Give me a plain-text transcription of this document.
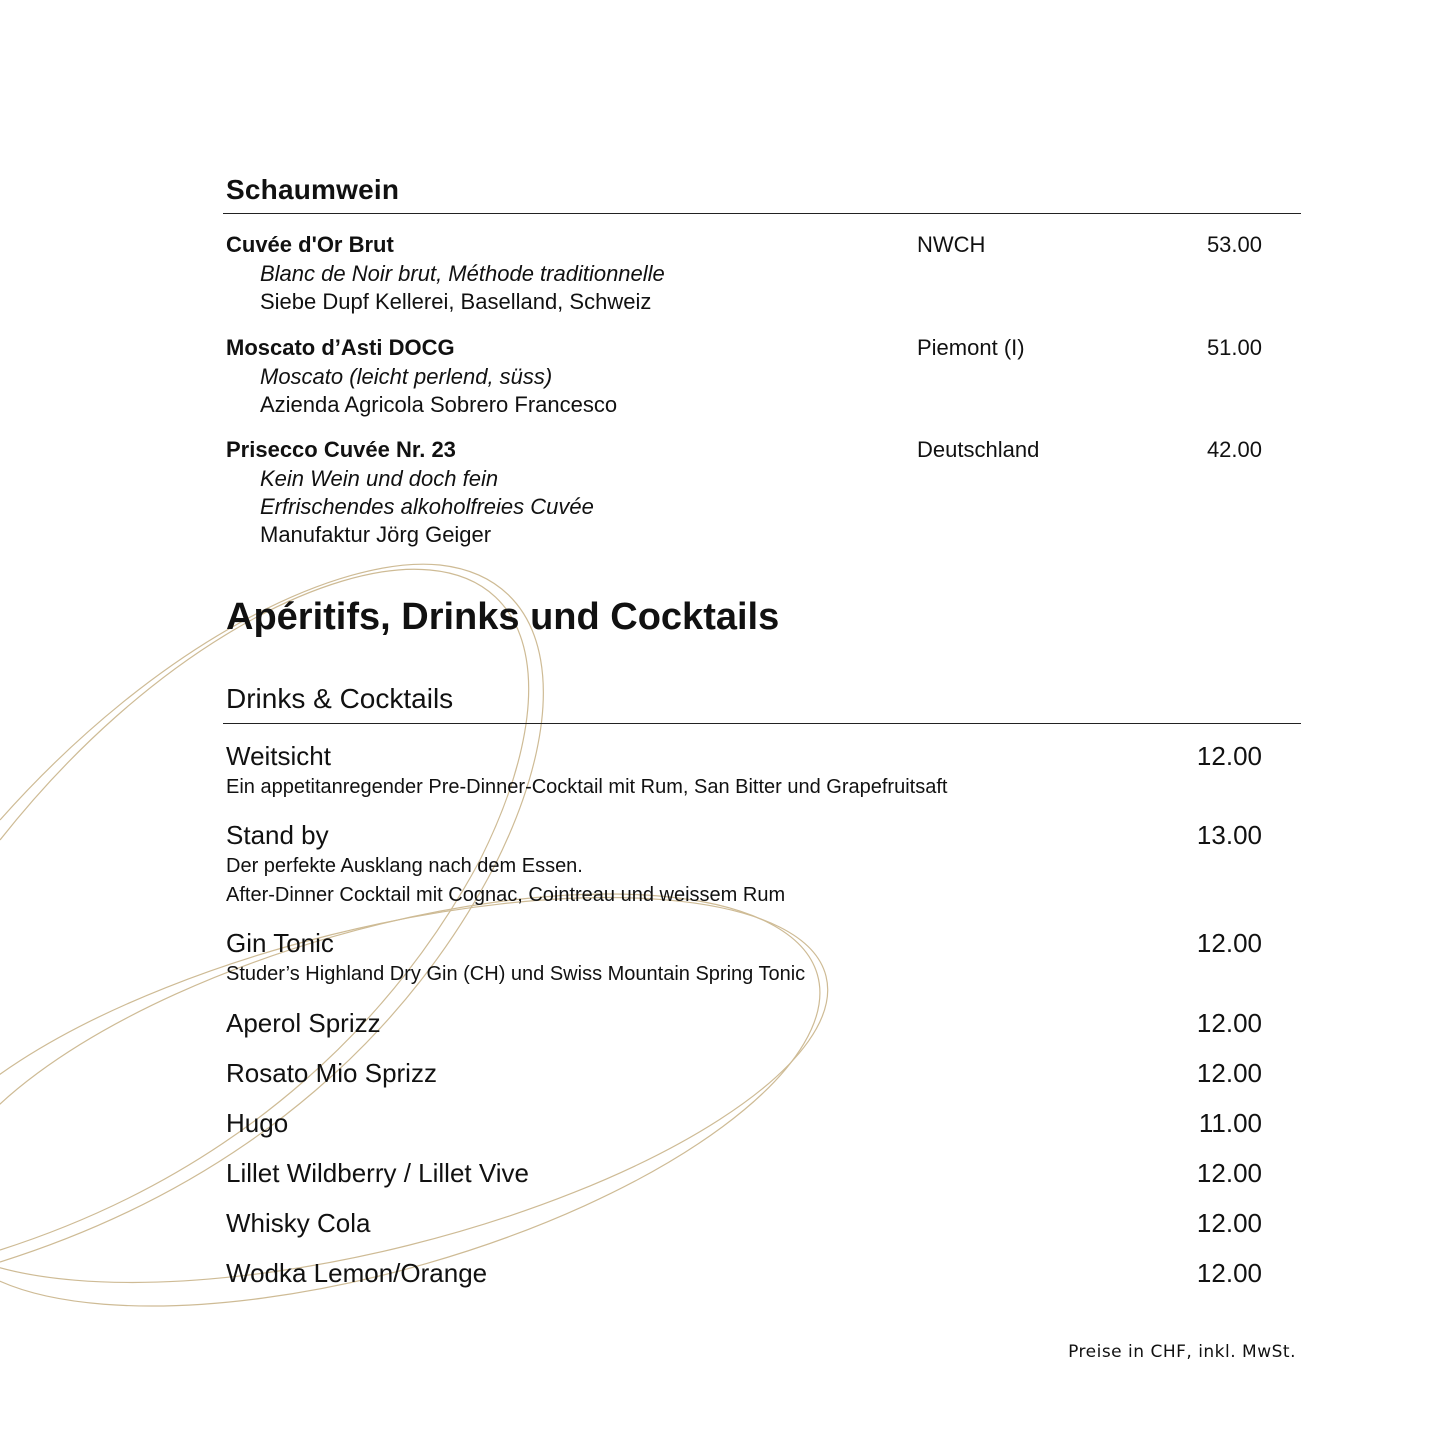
Schaumwein
Cuvée d'Or Brut	NWCH	53.00
Blanc de Noir brut, Méthode traditionnelle
Siebe Dupf Kellerei, Baselland, Schweiz
Moscato d’Asti DOCG	Piemont (I)	51.00
Moscato (leicht perlend, süss)
Azienda Agricola Sobrero Francesco
Prisecco Cuvée Nr. 23	Deutschland	42.00
Kein Wein und doch fein
Erfrischendes alkoholfreies Cuvée
Manufaktur Jörg Geiger
Apéritifs, Drinks und Cocktails
Drinks & Cocktails
Weitsicht	12.00
Ein appetitanregender Pre-Dinner-Cocktail mit Rum, San Bitter und Grapefruitsaft
Stand by	13.00
Der perfekte Ausklang nach dem Essen.
After-Dinner Cocktail mit Cognac, Cointreau und weissem Rum
Gin Tonic	12.00
Studer’s Highland Dry Gin (CH) und Swiss Mountain Spring Tonic
Aperol Sprizz	12.00
Rosato Mio Sprizz	12.00
Hugo	11.00
Lillet Wildberry / Lillet Vive	12.00
Whisky Cola	12.00
Wodka Lemon/Orange	12.00
Preise in CHF, inkl. MwSt.
